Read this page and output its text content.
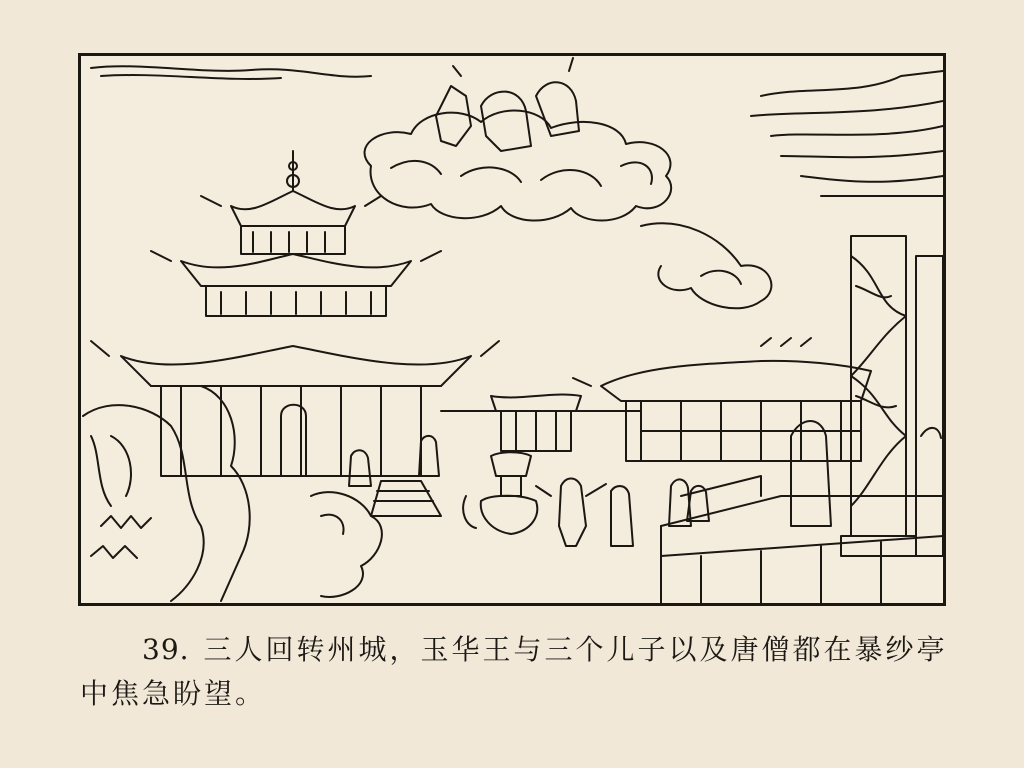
39. 三人回转州城，玉华王与三个儿子以及唐僧都在暴纱亭中焦急盼望。
